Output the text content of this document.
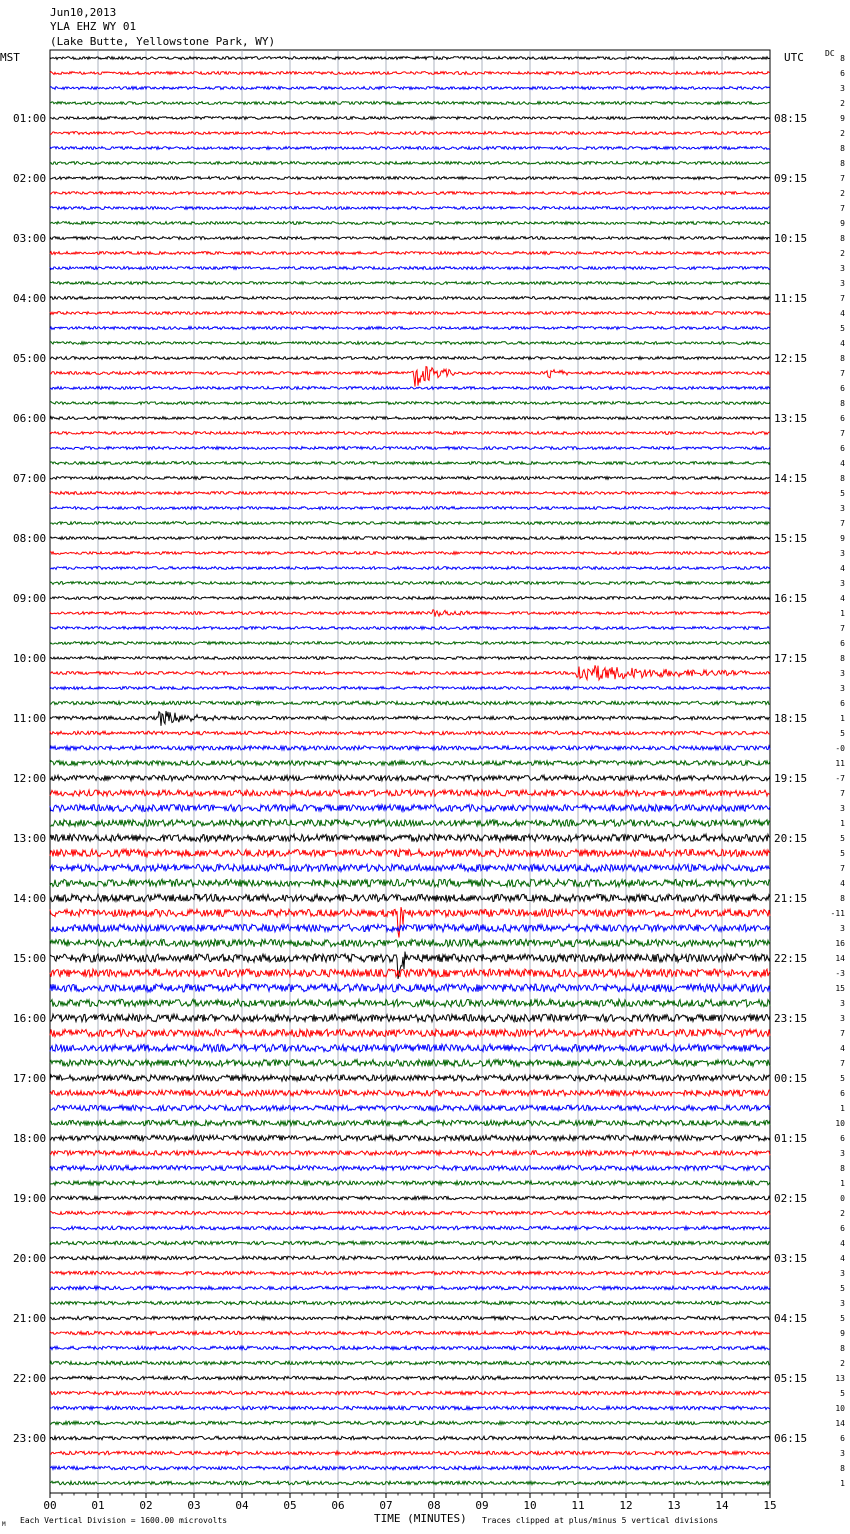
Jun10,2013
YLA EHZ WY 01
(Lake Butte, Yellowstone Park, WY)
MST	UTC	DC
01:00
02:00
03:00
04:00
05:00
06:00
07:00
08:00
09:00
10:00
11:00
12:00
13:00
14:00
15:00
16:00
17:00
18:00
19:00
20:00
21:00
22:00
23:00
08:15
09:15
10:15
11:15
12:15
13:15
14:15
15:15
16:15
17:15
18:15
19:15
20:15
21:15
22:15
23:15
00:15
01:15
02:15
03:15
04:15
05:15
06:15
8
6
3
2
9
2
8
8
7
2
7
9
8
2
3
3
7
4
5
4
8
7
6
8
6
7
6
4
8
5
3
7
9
3
4
3
4
1
7
6
8
3
3
6
1
5
-0
11
-7
7
3
1
5
5
7
4
8
-11
3
16
14
-3
15
3
3
7
4
7
5
6
1
10
6
3
8
1
0
2
6
4
4
3
5
3
5
9
8
2
13
5
10
14
6
3
8
1
00	01	02	03	04	05	06	07	08	09	10	11	12	13	14	15
TIME (MINUTES)
M Each Vertical Division = 1600.00 microvolts	Traces clipped at plus/minus 5 vertical divisions
